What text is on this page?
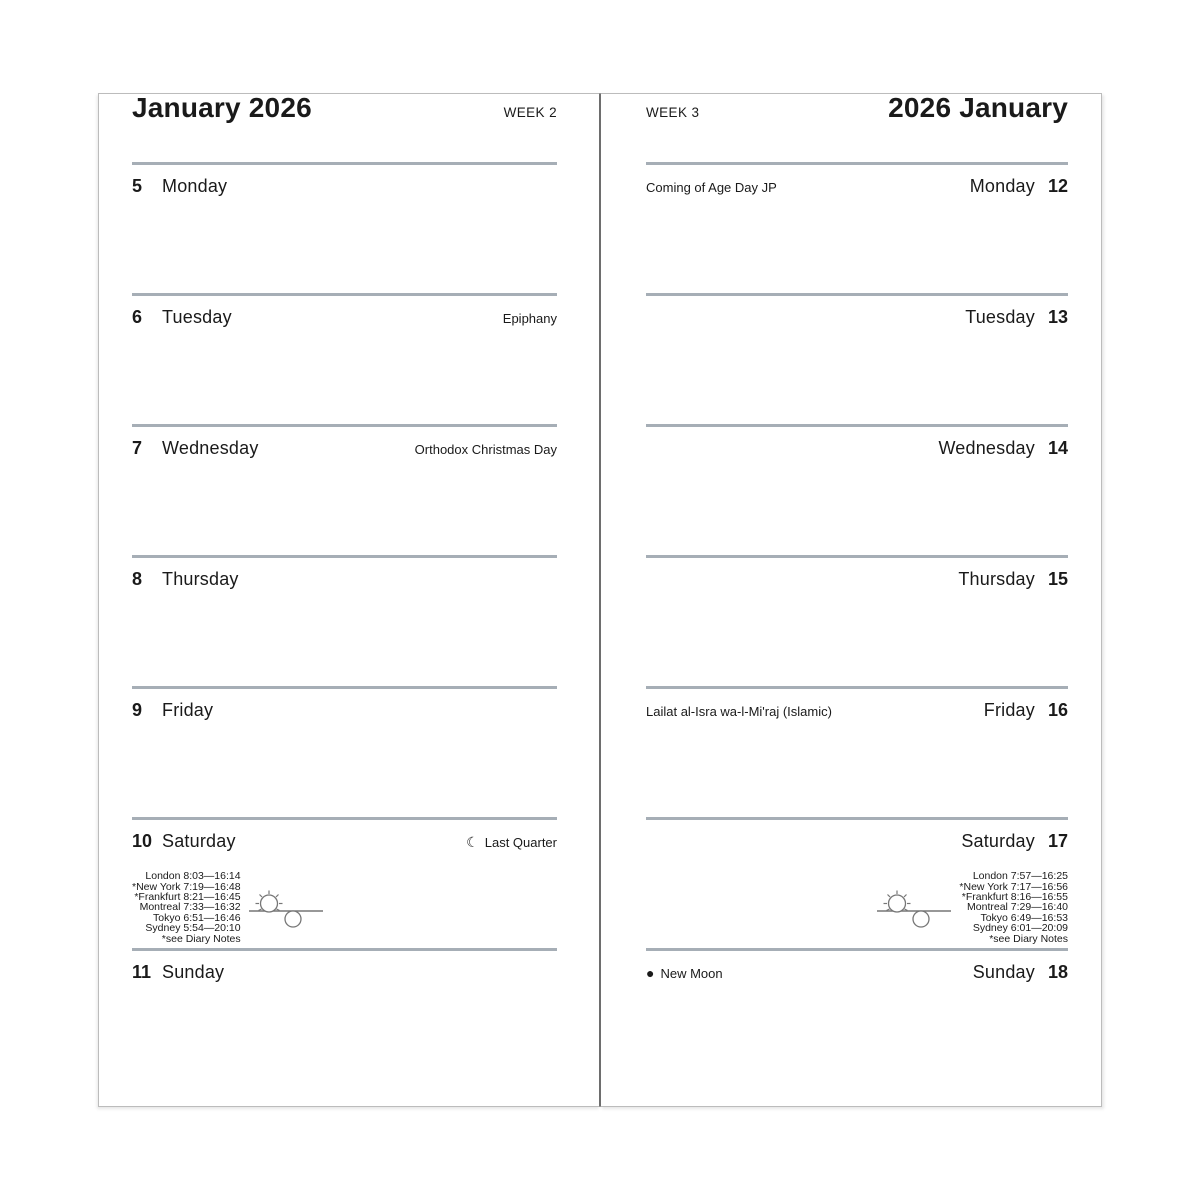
January 2026	WEEK 2
5	Monday
6	Tuesday	Epiphany
7	Wednesday	Orthodox Christmas Day
8	Thursday
9	Friday
10 Saturday	☾ Last Quarter
London 8:03—16:14
*New York 7:19—16:48
*Frankfurt 8:21—16:45
Montreal 7:33—16:32
Tokyo 6:51—16:46
Sydney 5:54—20:10
*see Diary Notes
11 Sunday
WEEK 3	2026 January
Coming of Age Day JP	Monday 12
Tuesday 13
Wednesday 14
Thursday 15
Lailat al-Isra wa-l-Mi'raj (Islamic)	Friday 16
Saturday 17
London 7:57—16:25
*New York 7:17—16:56
*Frankfurt 8:16—16:55
Montreal 7:29—16:40
Tokyo 6:49—16:53
Sydney 6:01—20:09
*see Diary Notes
● New Moon	Sunday 18
